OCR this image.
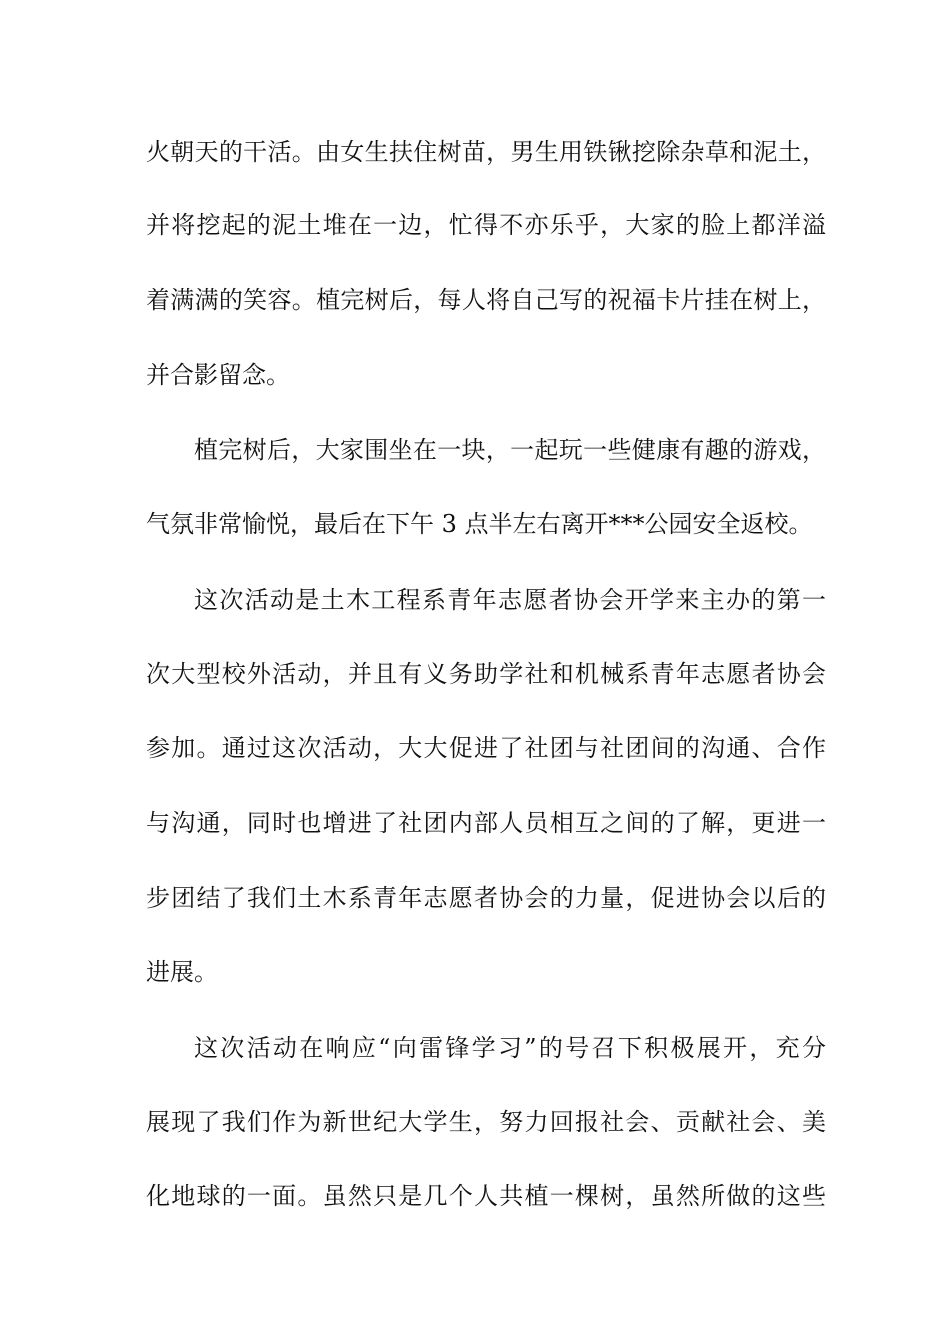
火朝天的干活。由女生扶住树苗，男生用铁锹挖除杂草和泥土，
并将挖起的泥土堆在一边，忙得不亦乐乎，大家的脸上都洋溢
着满满的笑容。植完树后，每人将自己写的祝福卡片挂在树上，
并合影留念。
植完树后，大家围坐在一块，一起玩一些健康有趣的游戏，
气氛非常愉悦，最后在下午 3 点半左右离开***公园安全返校。
这次活动是土木工程系青年志愿者协会开学来主办的第一
次大型校外活动，并且有义务助学社和机械系青年志愿者协会
参加。通过这次活动，大大促进了社团与社团间的沟通、合作
与沟通，同时也增进了社团内部人员相互之间的了解，更进一
步团结了我们土木系青年志愿者协会的力量，促进协会以后的
进展。
这次活动在响应“向雷锋学习”的号召下积极展开，充分
展现了我们作为新世纪大学生，努力回报社会、贡献社会、美
化地球的一面。虽然只是几个人共植一棵树，虽然所做的这些
